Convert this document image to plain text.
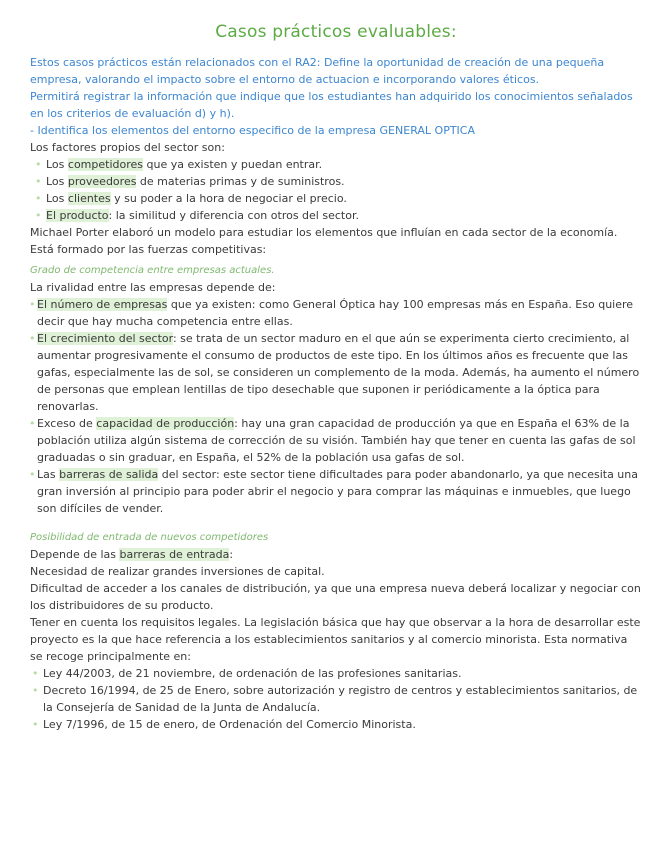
Casos prácticos evaluables:

Estos casos prácticos están relacionados con el RA2: Define la oportunidad de creación de una pequeña empresa, valorando el impacto sobre el entorno de actuacion e incorporando valores éticos.

Permitirá registrar la información que indique que los estudiantes han adquirido los conocimientos señalados en los criterios de evaluación d) y h).

- Identifica los elementos del entorno especifico de la empresa GENERAL OPTICA

Los factores propios del sector son:

• Los competidores que ya existen y puedan entrar.
• Los proveedores de materias primas y de suministros.
• Los clientes y su poder a la hora de negociar el precio.
• El producto: la similitud y diferencia con otros del sector.

Michael Porter elaboró un modelo para estudiar los elementos que influían en cada sector de la economía. Está formado por las fuerzas competitivas:

Grado de competencia entre empresas actuales.

La rivalidad entre las empresas depende de:

• El número de empresas que ya existen: como General Óptica hay 100 empresas más en España. Eso quiere decir que hay mucha competencia entre ellas.
• El crecimiento del sector: se trata de un sector maduro en el que aún se experimenta cierto crecimiento, al aumentar progresivamente el consumo de productos de este tipo. En los últimos años es frecuente que las gafas, especialmente las de sol, se consideren un complemento de la moda. Además, ha aumento el número de personas que emplean lentillas de tipo desechable que suponen ir periódicamente a la óptica para renovarlas.
• Exceso de capacidad de producción: hay una gran capacidad de producción ya que en España el 63% de la población utiliza algún sistema de corrección de su visión. También hay que tener en cuenta las gafas de sol graduadas o sin graduar, en España, el 52% de la población usa gafas de sol.
• Las barreras de salida del sector: este sector tiene dificultades para poder abandonarlo, ya que necesita una gran inversión al principio para poder abrir el negocio y para comprar las máquinas e inmuebles, que luego son difíciles de vender.

Posibilidad de entrada de nuevos competidores

Depende de las barreras de entrada:

Necesidad de realizar grandes inversiones de capital.

Dificultad de acceder a los canales de distribución, ya que una empresa nueva deberá localizar y negociar con los distribuidores de su producto.

Tener en cuenta los requisitos legales. La legislación básica que hay que observar a la hora de desarrollar este proyecto es la que hace referencia a los establecimientos sanitarios y al comercio minorista. Esta normativa se recoge principalmente en:

• Ley 44/2003, de 21 noviembre, de ordenación de las profesiones sanitarias.
• Decreto 16/1994, de 25 de Enero, sobre autorización y registro de centros y establecimientos sanitarios, de la Consejería de Sanidad de la Junta de Andalucía.
• Ley 7/1996, de 15 de enero, de Ordenación del Comercio Minorista.
